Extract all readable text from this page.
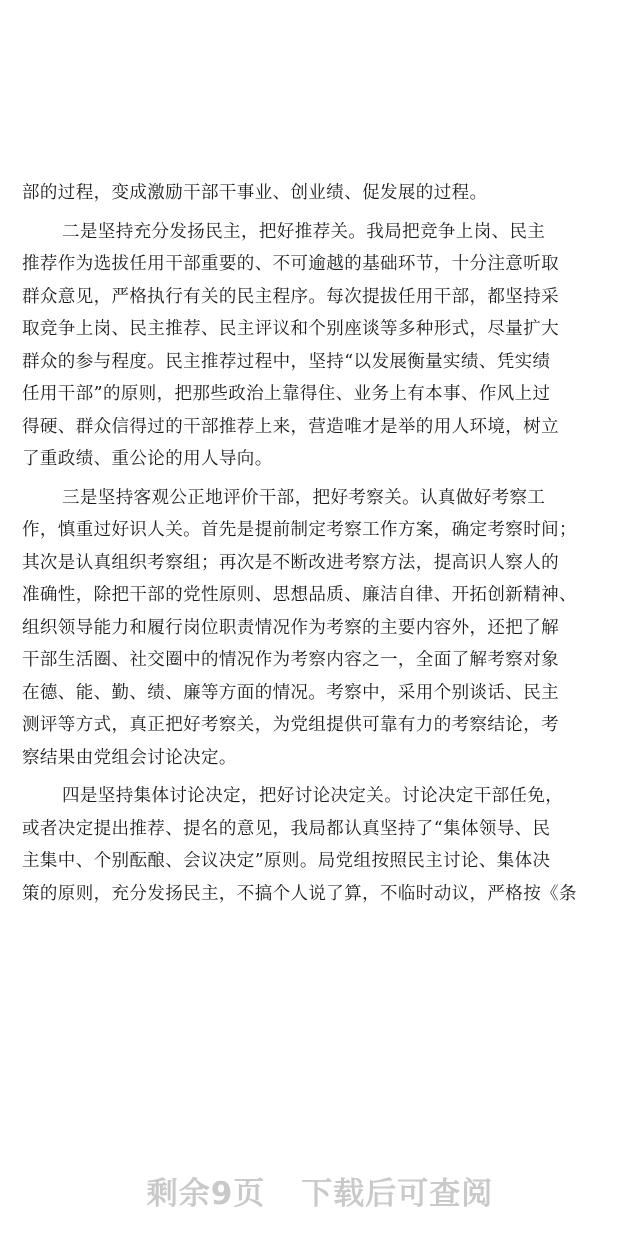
部的过程，变成激励干部干事业、创业绩、促发展的过程。
二是坚持充分发扬民主，把好推荐关。我局把竞争上岗、民主
推荐作为选拔任用干部重要的、不可逾越的基础环节，十分注意听取
群众意见，严格执行有关的民主程序。每次提拔任用干部，都坚持采
取竞争上岗、民主推荐、民主评议和个别座谈等多种形式，尽量扩大
群众的参与程度。民主推荐过程中，坚持“以发展衡量实绩、凭实绩
任用干部”的原则，把那些政治上靠得住、业务上有本事、作风上过
得硬、群众信得过的干部推荐上来，营造唯才是举的用人环境，树立
了重政绩、重公论的用人导向。
三是坚持客观公正地评价干部，把好考察关。认真做好考察工
作，慎重过好识人关。首先是提前制定考察工作方案，确定考察时间；
其次是认真组织考察组；再次是不断改进考察方法，提高识人察人的
准确性，除把干部的党性原则、思想品质、廉洁自律、开拓创新精神、
组织领导能力和履行岗位职责情况作为考察的主要内容外，还把了解
干部生活圈、社交圈中的情况作为考察内容之一，全面了解考察对象
在德、能、勤、绩、廉等方面的情况。考察中，采用个别谈话、民主
测评等方式，真正把好考察关，为党组提供可靠有力的考察结论，考
察结果由党组会讨论决定。
四是坚持集体讨论决定，把好讨论决定关。讨论决定干部任免，
或者决定提出推荐、提名的意见，我局都认真坚持了“集体领导、民
主集中、个别酝酿、会议决定”原则。局党组按照民主讨论、集体决
策的原则，充分发扬民主，不搞个人说了算，不临时动议，严格按《条
剩余9页 下载后可查阅
